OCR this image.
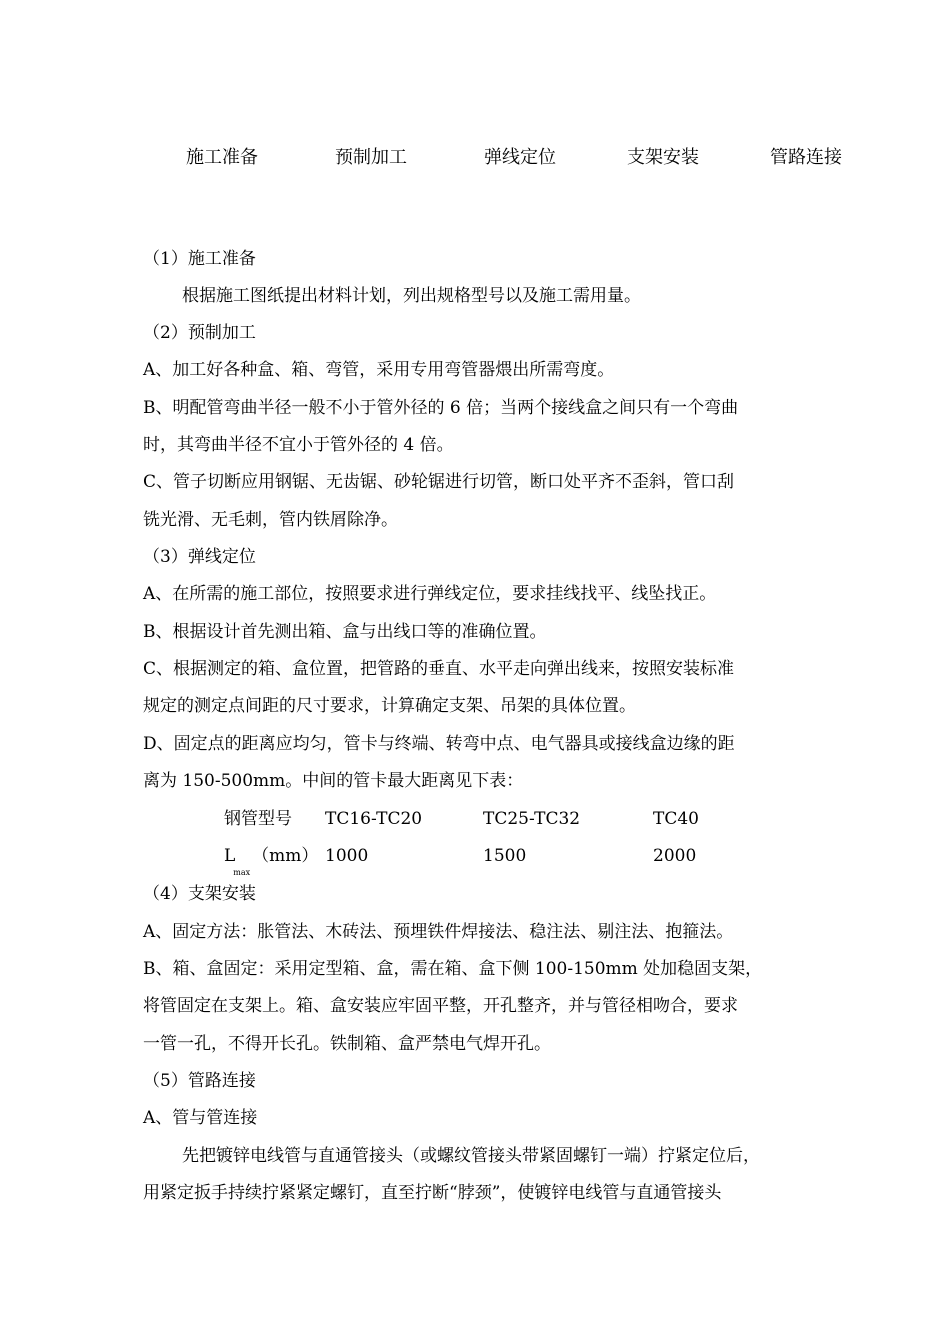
施工准备	预制加工	弹线定位	支架安装	管路连接
（1）施工准备
根据施工图纸提出材料计划，列出规格型号以及施工需用量。
（2）预制加工
A、加工好各种盒、箱、弯管，采用专用弯管器煨出所需弯度。
B、明配管弯曲半径一般不小于管外径的 6 倍；当两个接线盒之间只有一个弯曲
时，其弯曲半径不宜小于管外径的 4 倍。
C、管子切断应用钢锯、无齿锯、砂轮锯进行切管，断口处平齐不歪斜，管口刮
铣光滑、无毛刺，管内铁屑除净。
（3）弹线定位
A、在所需的施工部位，按照要求进行弹线定位，要求挂线找平、线坠找正。
B、根据设计首先测出箱、盒与出线口等的准确位置。
C、根据测定的箱、盒位置，把管路的垂直、水平走向弹出线来，按照安装标准
规定的测定点间距的尺寸要求，计算确定支架、吊架的具体位置。
D、固定点的距离应均匀，管卡与终端、转弯中点、电气器具或接线盒边缘的距
离为 150-500mm。中间的管卡最大距离见下表：
钢管型号 TC16-TC20	TC25-TC32	TC40
$L_{max}(mm)$ 1000	1500	2000
（4）支架安装
A、固定方法：胀管法、木砖法、预埋铁件焊接法、稳注法、剔注法、抱箍法。
B、箱、盒固定：采用定型箱、盒，需在箱、盒下侧 100-150mm 处加稳固支架，
将管固定在支架上。箱、盒安装应牢固平整，开孔整齐，并与管径相吻合，要求
一管一孔，不得开长孔。铁制箱、盒严禁电气焊开孔。
（5）管路连接
A、管与管连接
先把镀锌电线管与直通管接头（或螺纹管接头带紧固螺钉一端）拧紧定位后，
用紧定扳手持续拧紧紧定螺钉，直至拧断“脖颈”，使镀锌电线管与直通管接头
